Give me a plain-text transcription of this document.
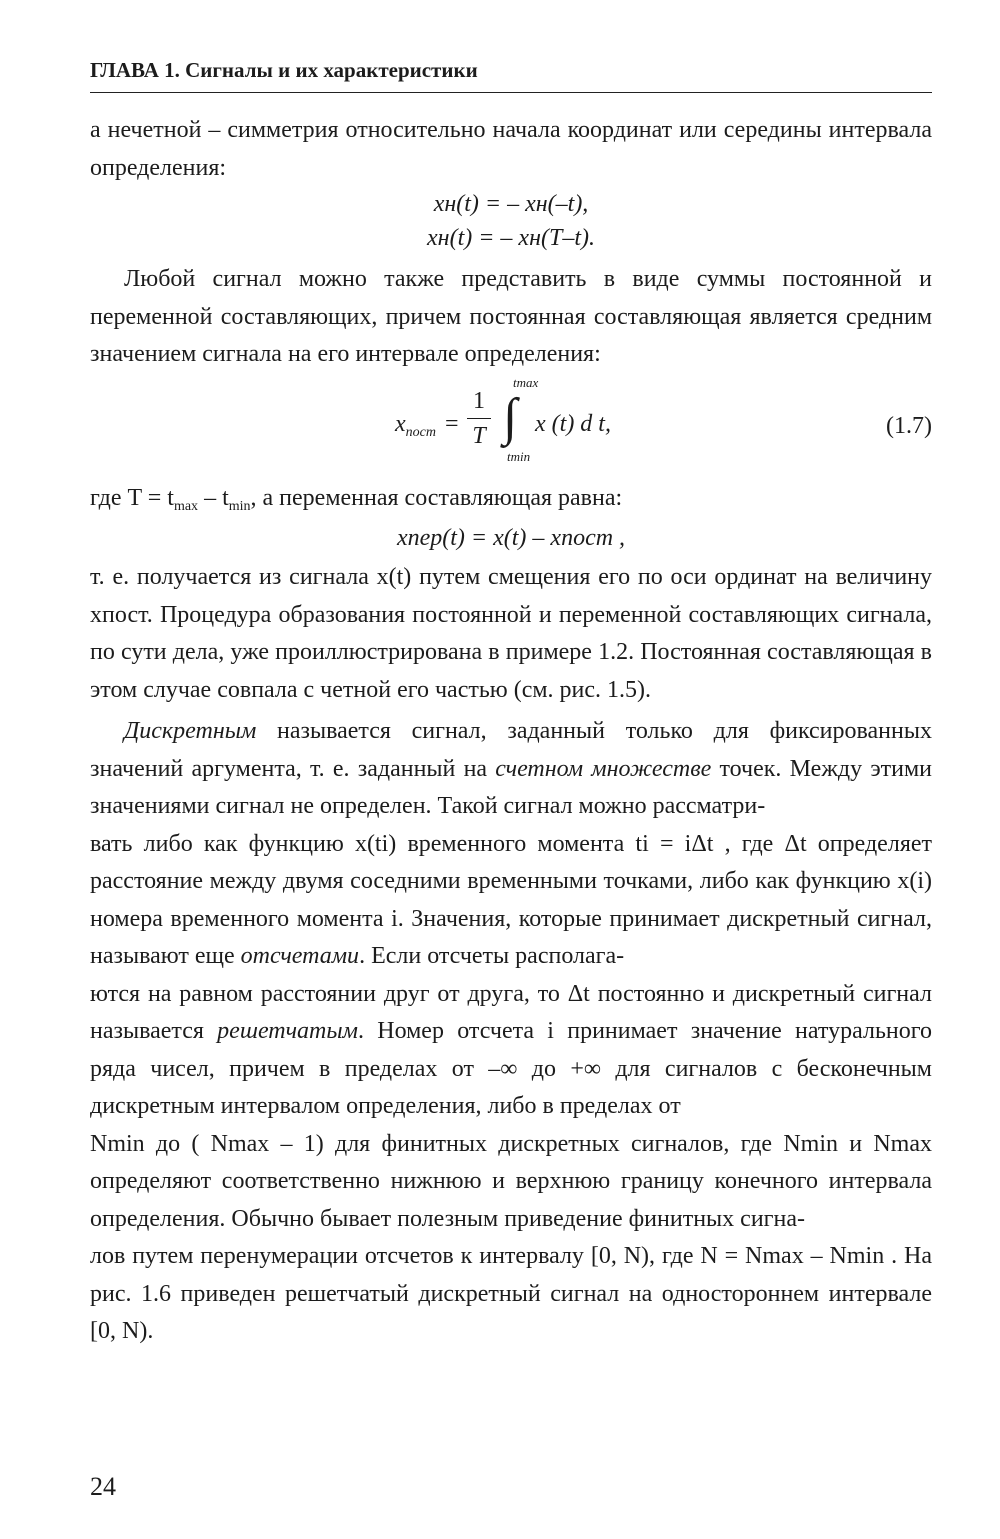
ГЛАВА 1. Сигналы и их характеристики

а нечетной – симметрия относительно начала координат или середины интервала определения:

xн(t) = – xн(–t),
xн(t) = – xн(T–t).

Любой сигнал можно также представить в виде суммы постоянной и переменной составляющих, причем постоянная составляющая является средним значением сигнала на его интервале определения:

$x_{пост}$ =
1
T ∫
tmax
tmin
x (t) d t,	(1.7)

где $T = t_{max} - t_{min}$, а переменная составляющая равна:

xпер(t) = x(t) – xпост ,

т. е. получается из сигнала x(t) путем смещения его по оси ординат на величину xпост. Процедура образования постоянной и переменной составляющих сигнала, по сути дела, уже проиллюстрирована в примере 1.2. Постоянная составляющая в этом случае совпала с четной его частью (см. рис. 1.5).

Дискретным называется сигнал, заданный только для фиксированных значений аргумента, т. е. заданный на счетном множестве точек. Между этими значениями сигнал не определен. Такой сигнал можно рассматри-

вать либо как функцию x(ti) временного момента ti = iΔt , где Δt определяет расстояние между двумя соседними временными точками, либо как функцию x(i) номера временного момента i. Значения, которые принимает дискретный сигнал, называют еще отсчетами. Если отсчеты располага-

ются на равном расстоянии друг от друга, то Δt постоянно и дискретный сигнал называется решетчатым. Номер отсчета i принимает значение натурального ряда чисел, причем в пределах от –∞ до +∞ для сигналов с бесконечным дискретным интервалом определения, либо в пределах от

Nmin до ( Nmax – 1) для финитных дискретных сигналов, где Nmin и Nmax определяют соответственно нижнюю и верхнюю границу конечного интервала определения. Обычно бывает полезным приведение финитных сигна-

лов путем перенумерации отсчетов к интервалу [0, N), где N = Nmax – Nmin . На рис. 1.6 приведен решетчатый дискретный сигнал на одностороннем интервале [0, N).

24
